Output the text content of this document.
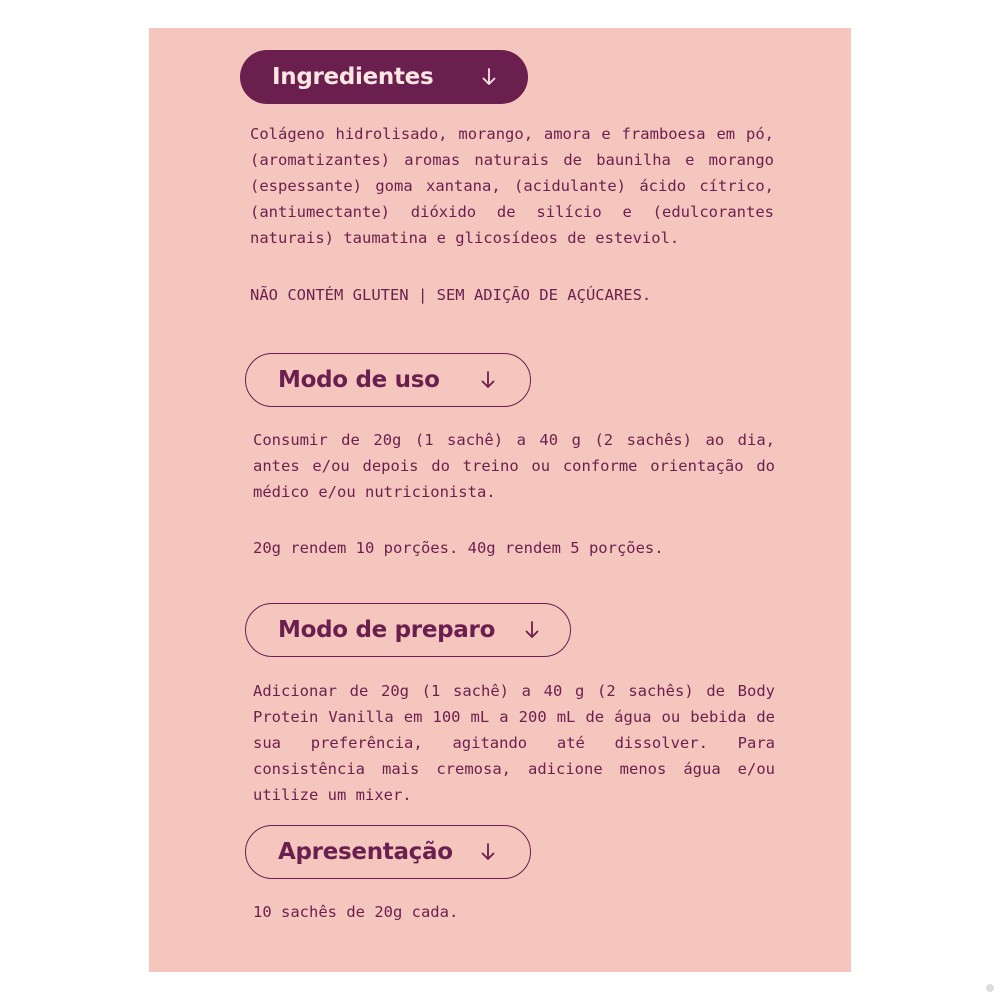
Ingredientes

Colágeno hidrolisado, morango, amora e framboesa em pó, (aromatizantes) aromas naturais de baunilha e morango (espessante) goma xantana, (acidulante) ácido cítrico, (antiumectante) dióxido de silício e (edulcorantes naturais) taumatina e glicosídeos de esteviol.

NÃO CONTÉM GLUTEN | SEM ADIÇÃO DE AÇÚCARES.

Modo de uso

Consumir de 20g (1 sachê) a 40 g (2 sachês) ao dia, antes e/ou depois do treino ou conforme orientação do médico e/ou nutricionista.

20g rendem 10 porções. 40g rendem 5 porções.

Modo de preparo

Adicionar de 20g (1 sachê) a 40 g (2 sachês) de Body Protein Vanilla em 100 mL a 200 mL de água ou bebida de sua preferência, agitando até dissolver. Para consistência mais cremosa, adicione menos água e/ou utilize um mixer.

Apresentação

10 sachês de 20g cada.
